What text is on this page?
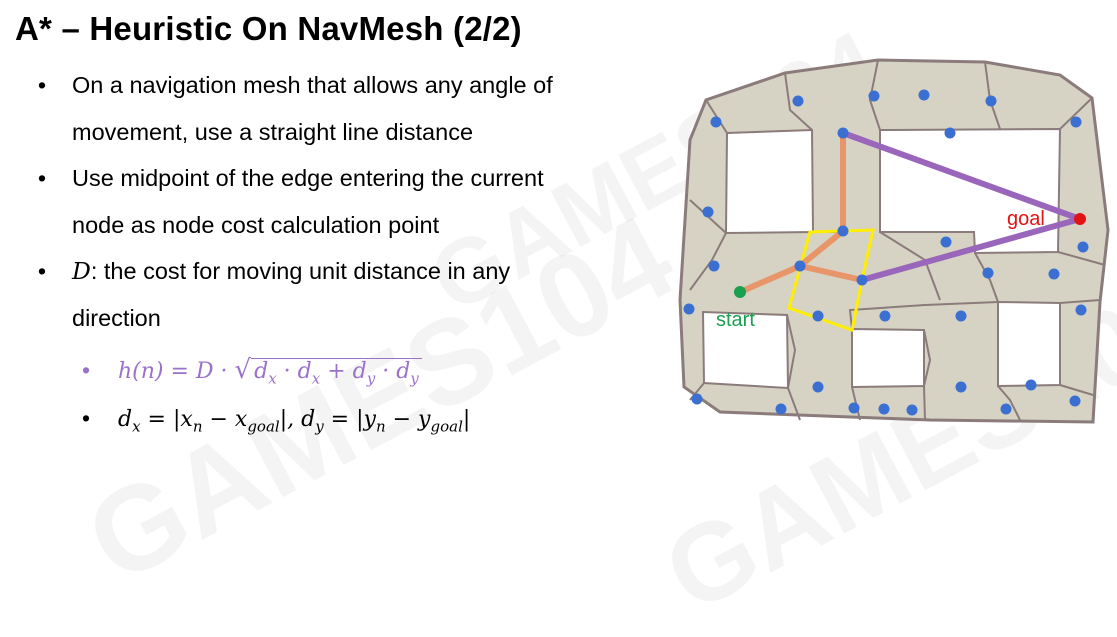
A* – Heuristic On NavMesh (2/2)
• On a navigation mesh that allows any angle of
movement, use a straight line distance
• Use midpoint of the edge entering the current
node as node cost calculation point
• D: the cost for moving unit distance in any
direction
• h(n) = D · √ $d_x \cdot d_x + d_y \cdot d_y$
• $d_x = |x_n - x_{goal}|$, $d_y = |y_n - y_{goal}|$
goal
start
